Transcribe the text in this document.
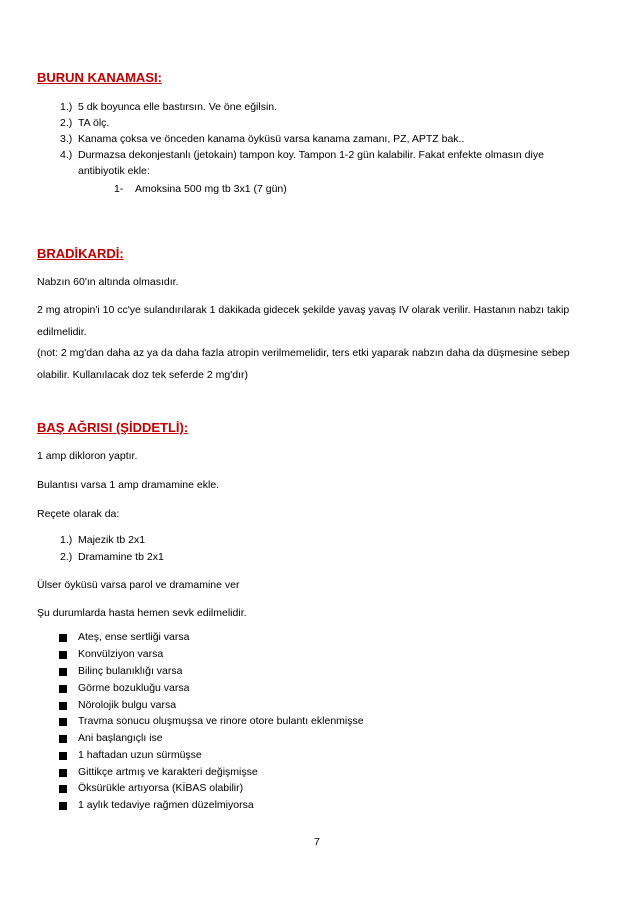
BURUN KANAMASI:
1.) 5 dk boyunca elle bastırsın. Ve öne eğilsin.
2.) TA ölç.
3.) Kanama çoksa ve önceden kanama öyküsü varsa kanama zamanı, PZ, APTZ bak..
4.) Durmazsa dekonjestanlı (jetokain) tampon koy. Tampon 1-2 gün kalabilir. Fakat enfekte olmasın diye
antibiyotik ekle:
1- Amoksina 500 mg tb 3x1 (7 gün)
BRADİKARDİ:

Nabzın 60'ın altında olmasıdır.

2 mg atropin'i 10 cc'ye sulandırılarak 1 dakikada gidecek şekilde yavaş yavaş IV olarak verilir. Hastanın nabzı takip edilmelidir.

(not: 2 mg'dan daha az ya da daha fazla atropin verilmemelidir, ters etki yaparak nabzın daha da düşmesine sebep olabilir. Kullanılacak doz tek seferde 2 mg'dır)

BAŞ AĞRISI (ŞİDDETLİ):

1 amp dikloron yaptır.

Bulantısı varsa 1 amp dramamine ekle.

Reçete olarak da:

1.) Majezik tb 2x1
2.) Dramamine tb 2x1

Ülser öyküsü varsa parol ve dramamine ver

Şu durumlarda hasta hemen sevk edilmelidir.

Ateş, ense sertliği varsa
Konvülziyon varsa
Bilinç bulanıklığı varsa
Görme bozukluğu varsa
Nörolojik bulgu varsa
Travma sonucu oluşmuşsa ve rinore otore bulantı eklenmişse
Ani başlangıçlı ise
1 haftadan uzun sürmüşse
Gittikçe artmış ve karakteri değişmişse
Öksürükle artıyorsa (KİBAS olabilir)
1 aylık tedaviye rağmen düzelmiyorsa
7
